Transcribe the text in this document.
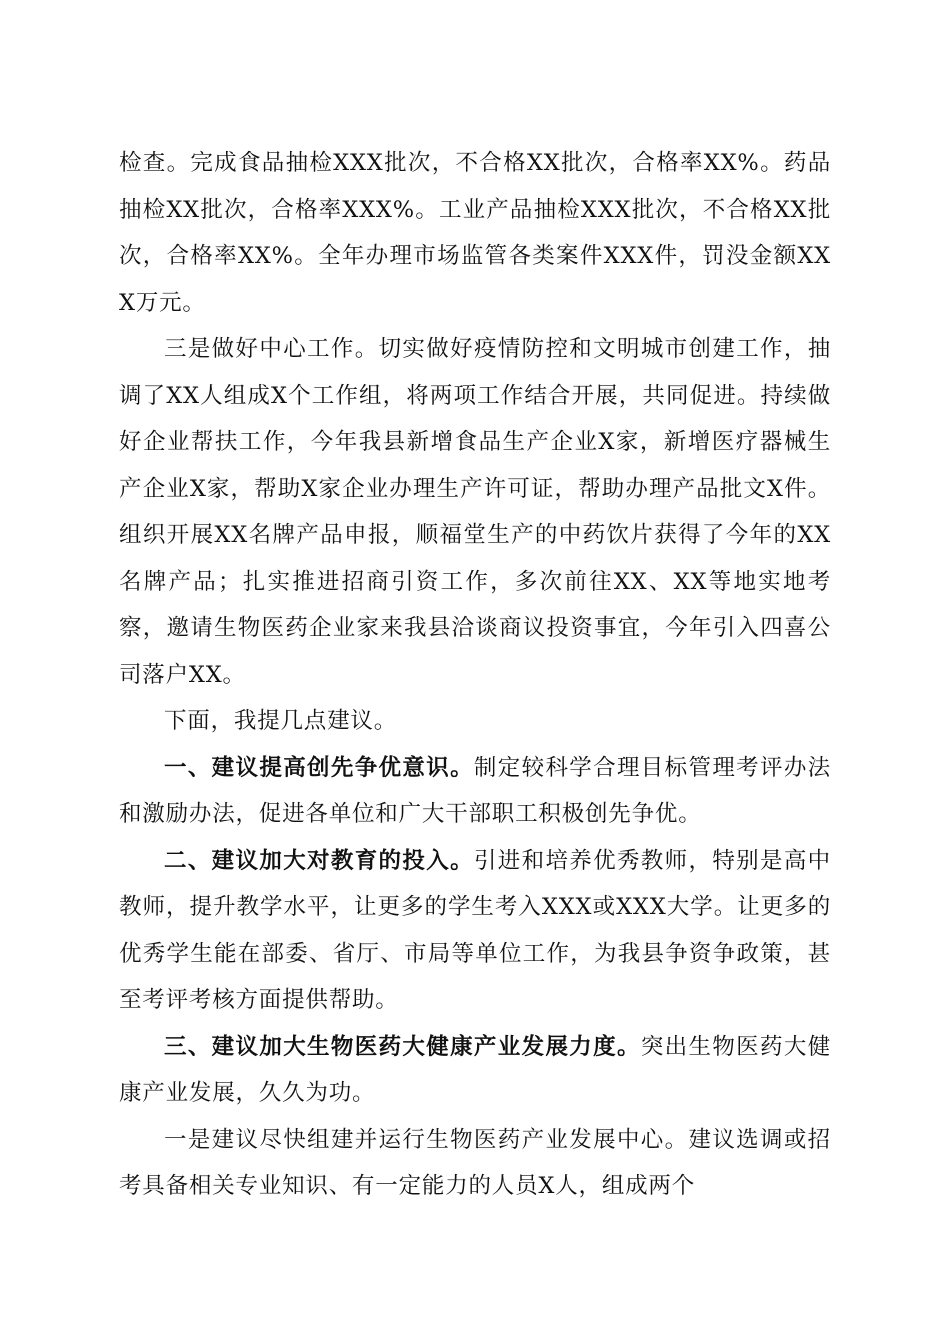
检查。完成食品抽检XXX批次，不合格XX批次，合格率XX%。药品抽检XX批次，合格率XXX%。工业产品抽检XXX批次，不合格XX批次，合格率XX%。全年办理市场监管各类案件XXX件，罚没金额XXX万元。

三是做好中心工作。切实做好疫情防控和文明城市创建工作，抽调了XX人组成X个工作组，将两项工作结合开展，共同促进。持续做好企业帮扶工作，今年我县新增食品生产企业X家，新增医疗器械生产企业X家，帮助X家企业办理生产许可证，帮助办理产品批文X件。组织开展XX名牌产品申报，顺福堂生产的中药饮片获得了今年的XX名牌产品；扎实推进招商引资工作，多次前往XX、XX等地实地考察，邀请生物医药企业家来我县洽谈商议投资事宜，今年引入四喜公司落户XX。

下面，我提几点建议。

一、建议提高创先争优意识。制定较科学合理目标管理考评办法和激励办法，促进各单位和广大干部职工积极创先争优。

二、建议加大对教育的投入。引进和培养优秀教师，特别是高中教师，提升教学水平，让更多的学生考入XXX或XXX大学。让更多的优秀学生能在部委、省厅、市局等单位工作，为我县争资争政策，甚至考评考核方面提供帮助。

三、建议加大生物医药大健康产业发展力度。突出生物医药大健康产业发展，久久为功。

一是建议尽快组建并运行生物医药产业发展中心。建议选调或招考具备相关专业知识、有一定能力的人员X人，组成两个
